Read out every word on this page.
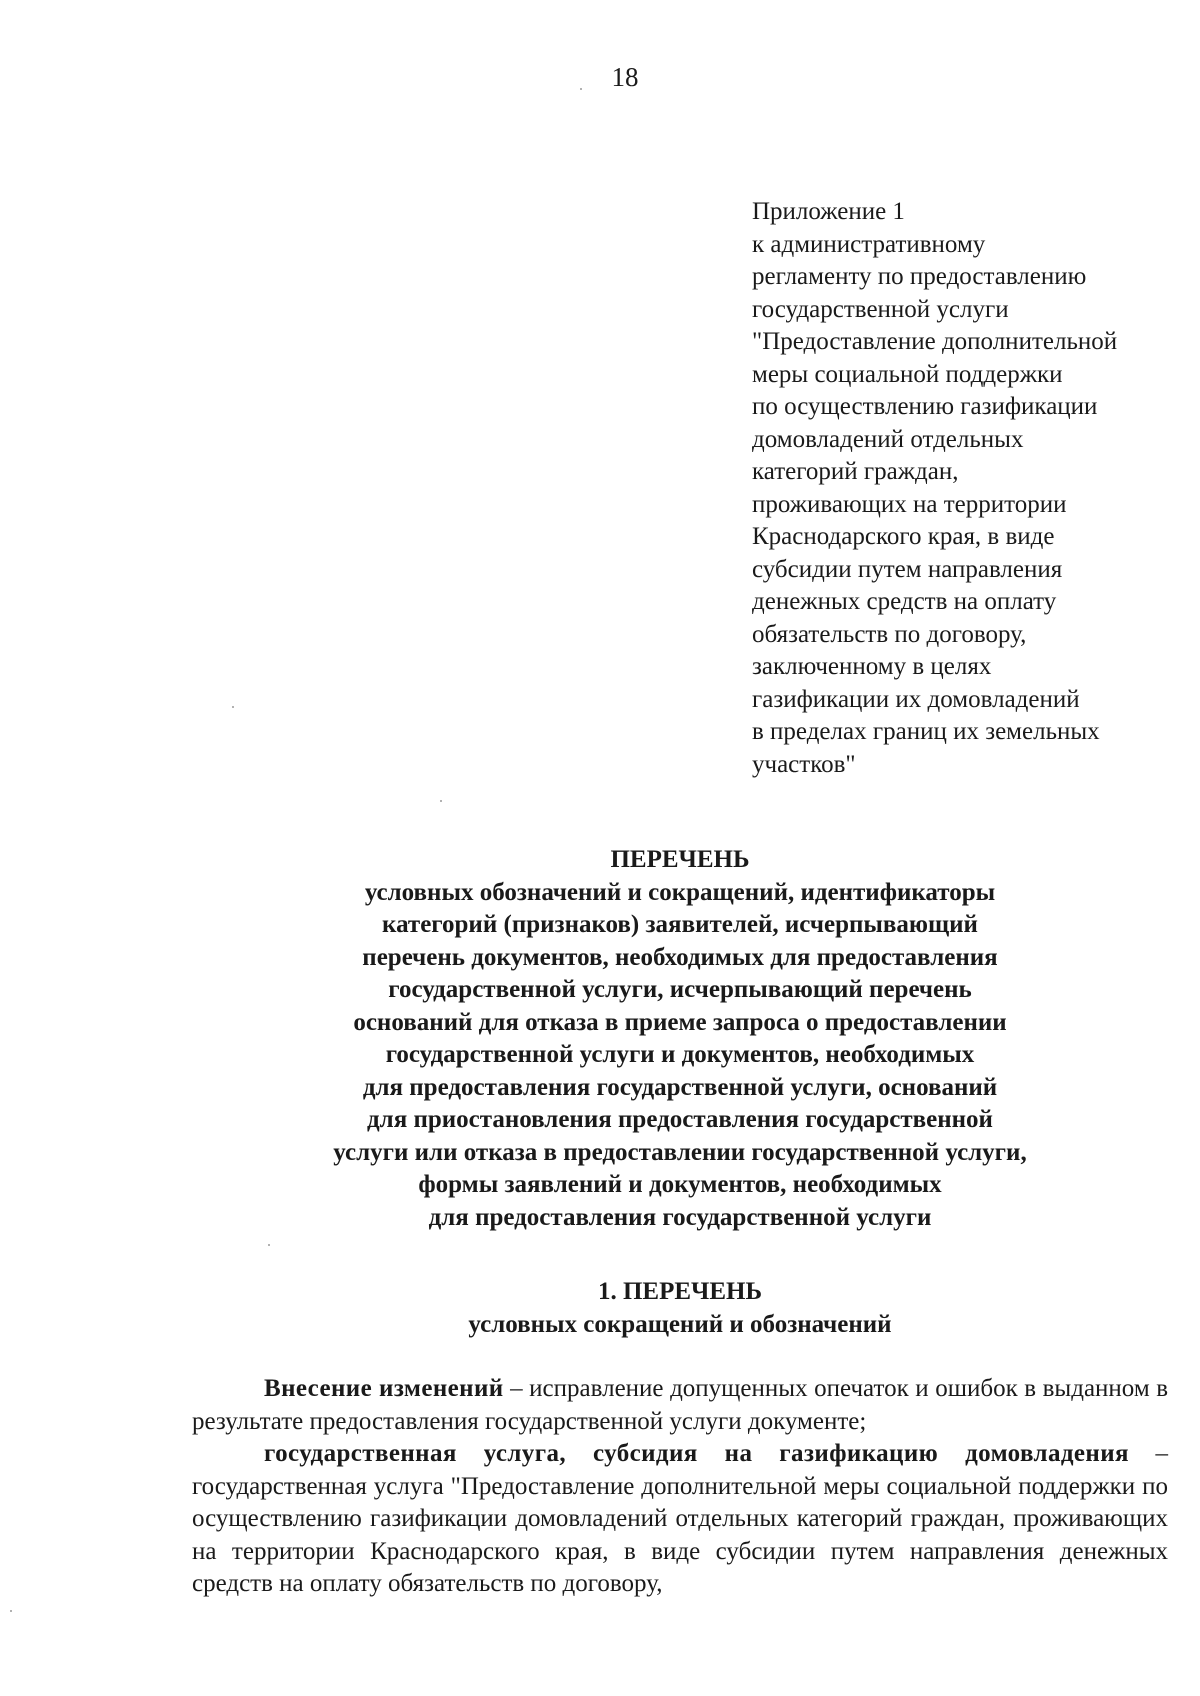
18
Приложение 1
к административному
регламенту по предоставлению
государственной услуги
"Предоставление дополнительной
меры социальной поддержки
по осуществлению газификации
домовладений отдельных
категорий граждан,
проживающих на территории
Краснодарского края, в виде
субсидии путем направления
денежных средств на оплату
обязательств по договору,
заключенному в целях
газификации их домовладений
в пределах границ их земельных
участков"
ПЕРЕЧЕНЬ
условных обозначений и сокращений, идентификаторы
категорий (признаков) заявителей, исчерпывающий
перечень документов, необходимых для предоставления
государственной услуги, исчерпывающий перечень
оснований для отказа в приеме запроса о предоставлении
государственной услуги и документов, необходимых
для предоставления государственной услуги, оснований
для приостановления предоставления государственной
услуги или отказа в предоставлении государственной услуги,
формы заявлений и документов, необходимых
для предоставления государственной услуги
1. ПЕРЕЧЕНЬ
условных сокращений и обозначений

Внесение изменений – исправление допущенных опечаток и ошибок в выданном в результате предоставления государственной услуги документе;

государственная услуга, субсидия на газификацию домовладения – государственная услуга "Предоставление дополнительной меры социальной поддержки по осуществлению газификации домовладений отдельных категорий граждан, проживающих на территории Краснодарского края, в виде субсидии путем направления денежных средств на оплату обязательств по договору,
